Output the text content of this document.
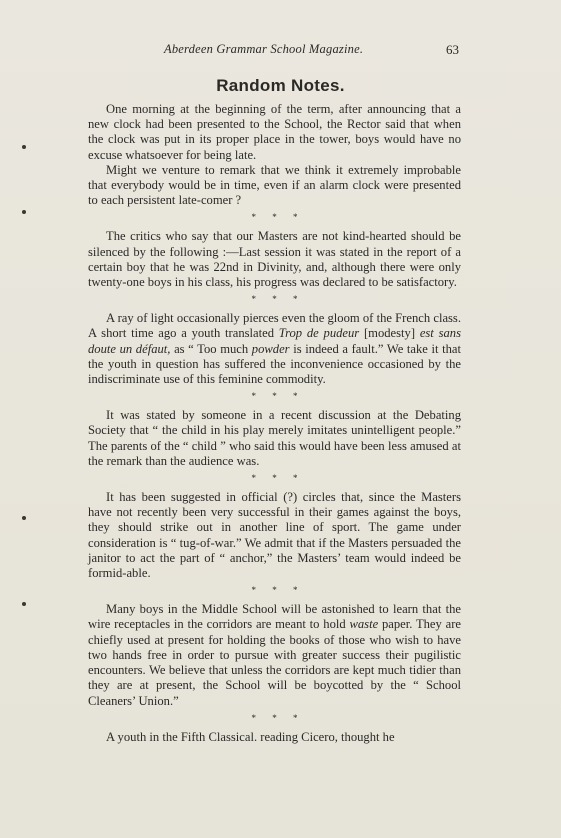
Aberdeen Grammar School Magazine.	63
Random Notes.

One morning at the beginning of the term, after announcing that a new clock had been presented to the School, the Rector said that when the clock was put in its proper place in the tower, boys would have no excuse whatsoever for being late.

Might we venture to remark that we think it extremely improbable that everybody would be in time, even if an alarm clock were presented to each persistent late-comer ?

* * *

The critics who say that our Masters are not kind-hearted should be silenced by the following :—Last session it was stated in the report of a certain boy that he was 22nd in Divinity, and, although there were only twenty-one boys in his class, his progress was declared to be satisfactory.

* * *

A ray of light occasionally pierces even the gloom of the French class. A short time ago a youth translated Trop de pudeur [modesty] est sans doute un défaut, as “ Too much powder is indeed a fault.” We take it that the youth in question has suffered the inconvenience occasioned by the indiscriminate use of this feminine commodity.

* * *

It was stated by someone in a recent discussion at the Debating Society that “ the child in his play merely imitates unintelligent people.” The parents of the “ child ” who said this would have been less amused at the remark than the audience was.

* * *

It has been suggested in official (?) circles that, since the Masters have not recently been very successful in their games against the boys, they should strike out in another line of sport. The game under consideration is “ tug-of-war.” We admit that if the Masters persuaded the janitor to act the part of “ anchor,” the Masters’ team would indeed be formid-able.

* * *

Many boys in the Middle School will be astonished to learn that the wire receptacles in the corridors are meant to hold waste paper. They are chiefly used at present for holding the books of those who wish to have two hands free in order to pursue with greater success their pugilistic encounters. We believe that unless the corridors are kept much tidier than they are at present, the School will be boycotted by the “ School Cleaners’ Union.”

* * *

A youth in the Fifth Classical. reading Cicero, thought he
